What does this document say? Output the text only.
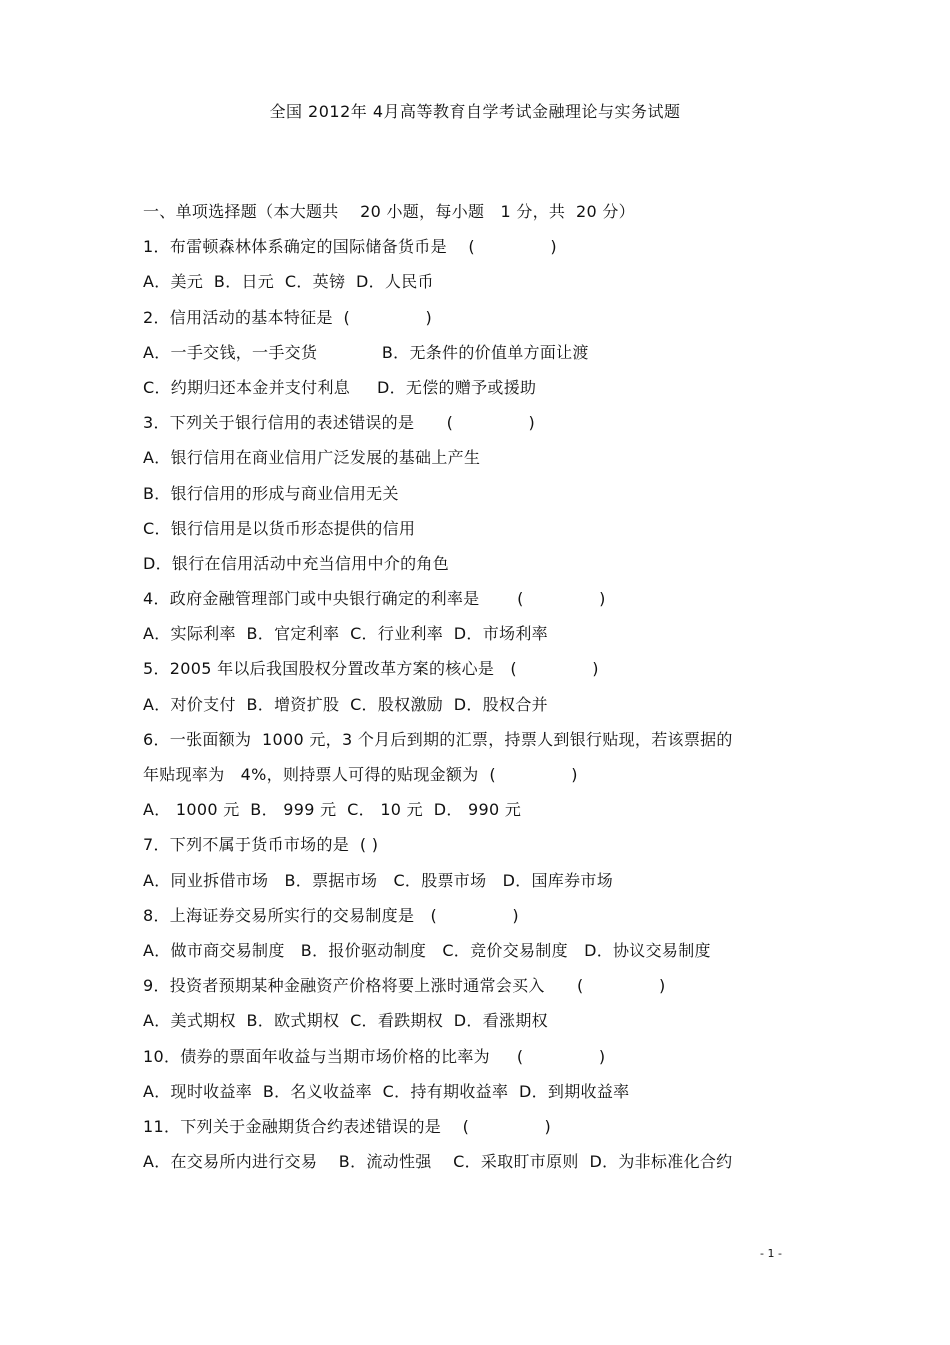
全国 2012年 4月高等教育自学考试金融理论与实务试题
一、单项选择题（本大题共    20 小题，每小题   1 分，共  20 分）
1．布雷顿森林体系确定的国际储备货币是    (              )
A．美元  B．日元  C．英镑  D．人民币
2．信用活动的基本特征是  (              )
A．一手交钱，一手交货            B．无条件的价值单方面让渡
C．约期归还本金并支付利息     D．无偿的赠予或援助
3．下列关于银行信用的表述错误的是      (              )
A．银行信用在商业信用广泛发展的基础上产生
B．银行信用的形成与商业信用无关
C．银行信用是以货币形态提供的信用
D．银行在信用活动中充当信用中介的角色
4．政府金融管理部门或中央银行确定的利率是       (              )
A．实际利率  B．官定利率  C．行业利率  D．市场利率
5．2005 年以后我国股权分置改革方案的核心是   (              )
A．对价支付  B．增资扩股  C．股权激励  D．股权合并
6．一张面额为  1000 元，3 个月后到期的汇票，持票人到银行贴现，若该票据的
年贴现率为   4%，则持票人可得的贴现金额为  (              )
A． 1000 元  B． 999 元  C． 10 元  D． 990 元
7．下列不属于货币市场的是  ( )
A．同业拆借市场   B．票据市场   C．股票市场   D．国库券市场
8．上海证券交易所实行的交易制度是   (              )
A．做市商交易制度   B．报价驱动制度   C．竞价交易制度   D．协议交易制度
9．投资者预期某种金融资产价格将要上涨时通常会买入      (              )
A．美式期权  B．欧式期权  C．看跌期权  D．看涨期权
10．债券的票面年收益与当期市场价格的比率为     (              )
A．现时收益率  B．名义收益率  C．持有期收益率  D．到期收益率
11．下列关于金融期货合约表述错误的是    (              )
A．在交易所内进行交易    B．流动性强    C．采取盯市原则  D．为非标准化合约
- 1 -
